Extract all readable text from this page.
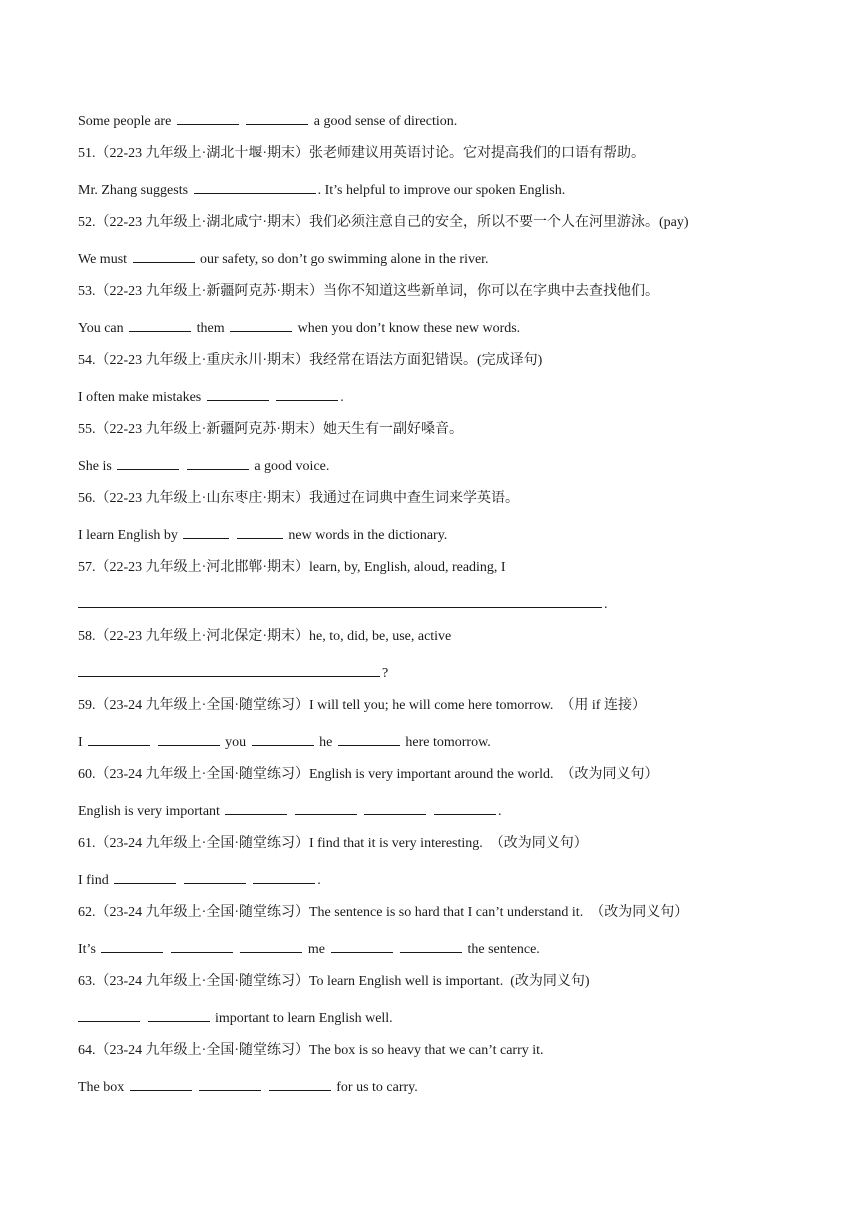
Some people are	a good sense of direction.
51.（22-23 九年级上·湖北十堰·期末）张老师建议用英语讨论。它对提高我们的口语有帮助。
Mr. Zhang suggests	. It’s helpful to improve our spoken English.
52.（22-23 九年级上·湖北咸宁·期末）我们必须注意自己的安全，所以不要一个人在河里游泳。(pay)
We must	our safety, so don’t go swimming alone in the river.
53.（22-23 九年级上·新疆阿克苏·期末）当你不知道这些新单词，你可以在字典中去查找他们。
You can	them	when you don’t know these new words.
54.（22-23 九年级上·重庆永川·期末）我经常在语法方面犯错误。(完成译句)
I often make mistakes	.
55.（22-23 九年级上·新疆阿克苏·期末）她天生有一副好嗓音。
She is	a good voice.
56.（22-23 九年级上·山东枣庄·期末）我通过在词典中查生词来学英语。
I learn English by	new words in the dictionary.
57.（22-23 九年级上·河北邯郸·期末）learn, by, English, aloud, reading, I
.
58.（22-23 九年级上·河北保定·期末）he, to, did, be, use, active
?
59.（23-24 九年级上·全国·随堂练习）I will tell you; he will come here tomorrow.  （用 if 连接）
I	you	he	here tomorrow.
60.（23-24 九年级上·全国·随堂练习）English is very important around the world.  （改为同义句）
English is very important	.
61.（23-24 九年级上·全国·随堂练习）I find that it is very interesting.  （改为同义句）
I find	.
62.（23-24 九年级上·全国·随堂练习）The sentence is so hard that I can’t understand it.  （改为同义句）
It’s	me	the sentence.
63.（23-24 九年级上·全国·随堂练习）To learn English well is important.  (改为同义句)
important to learn English well.
64.（23-24 九年级上·全国·随堂练习）The box is so heavy that we can’t carry it.
The box	for us to carry.
